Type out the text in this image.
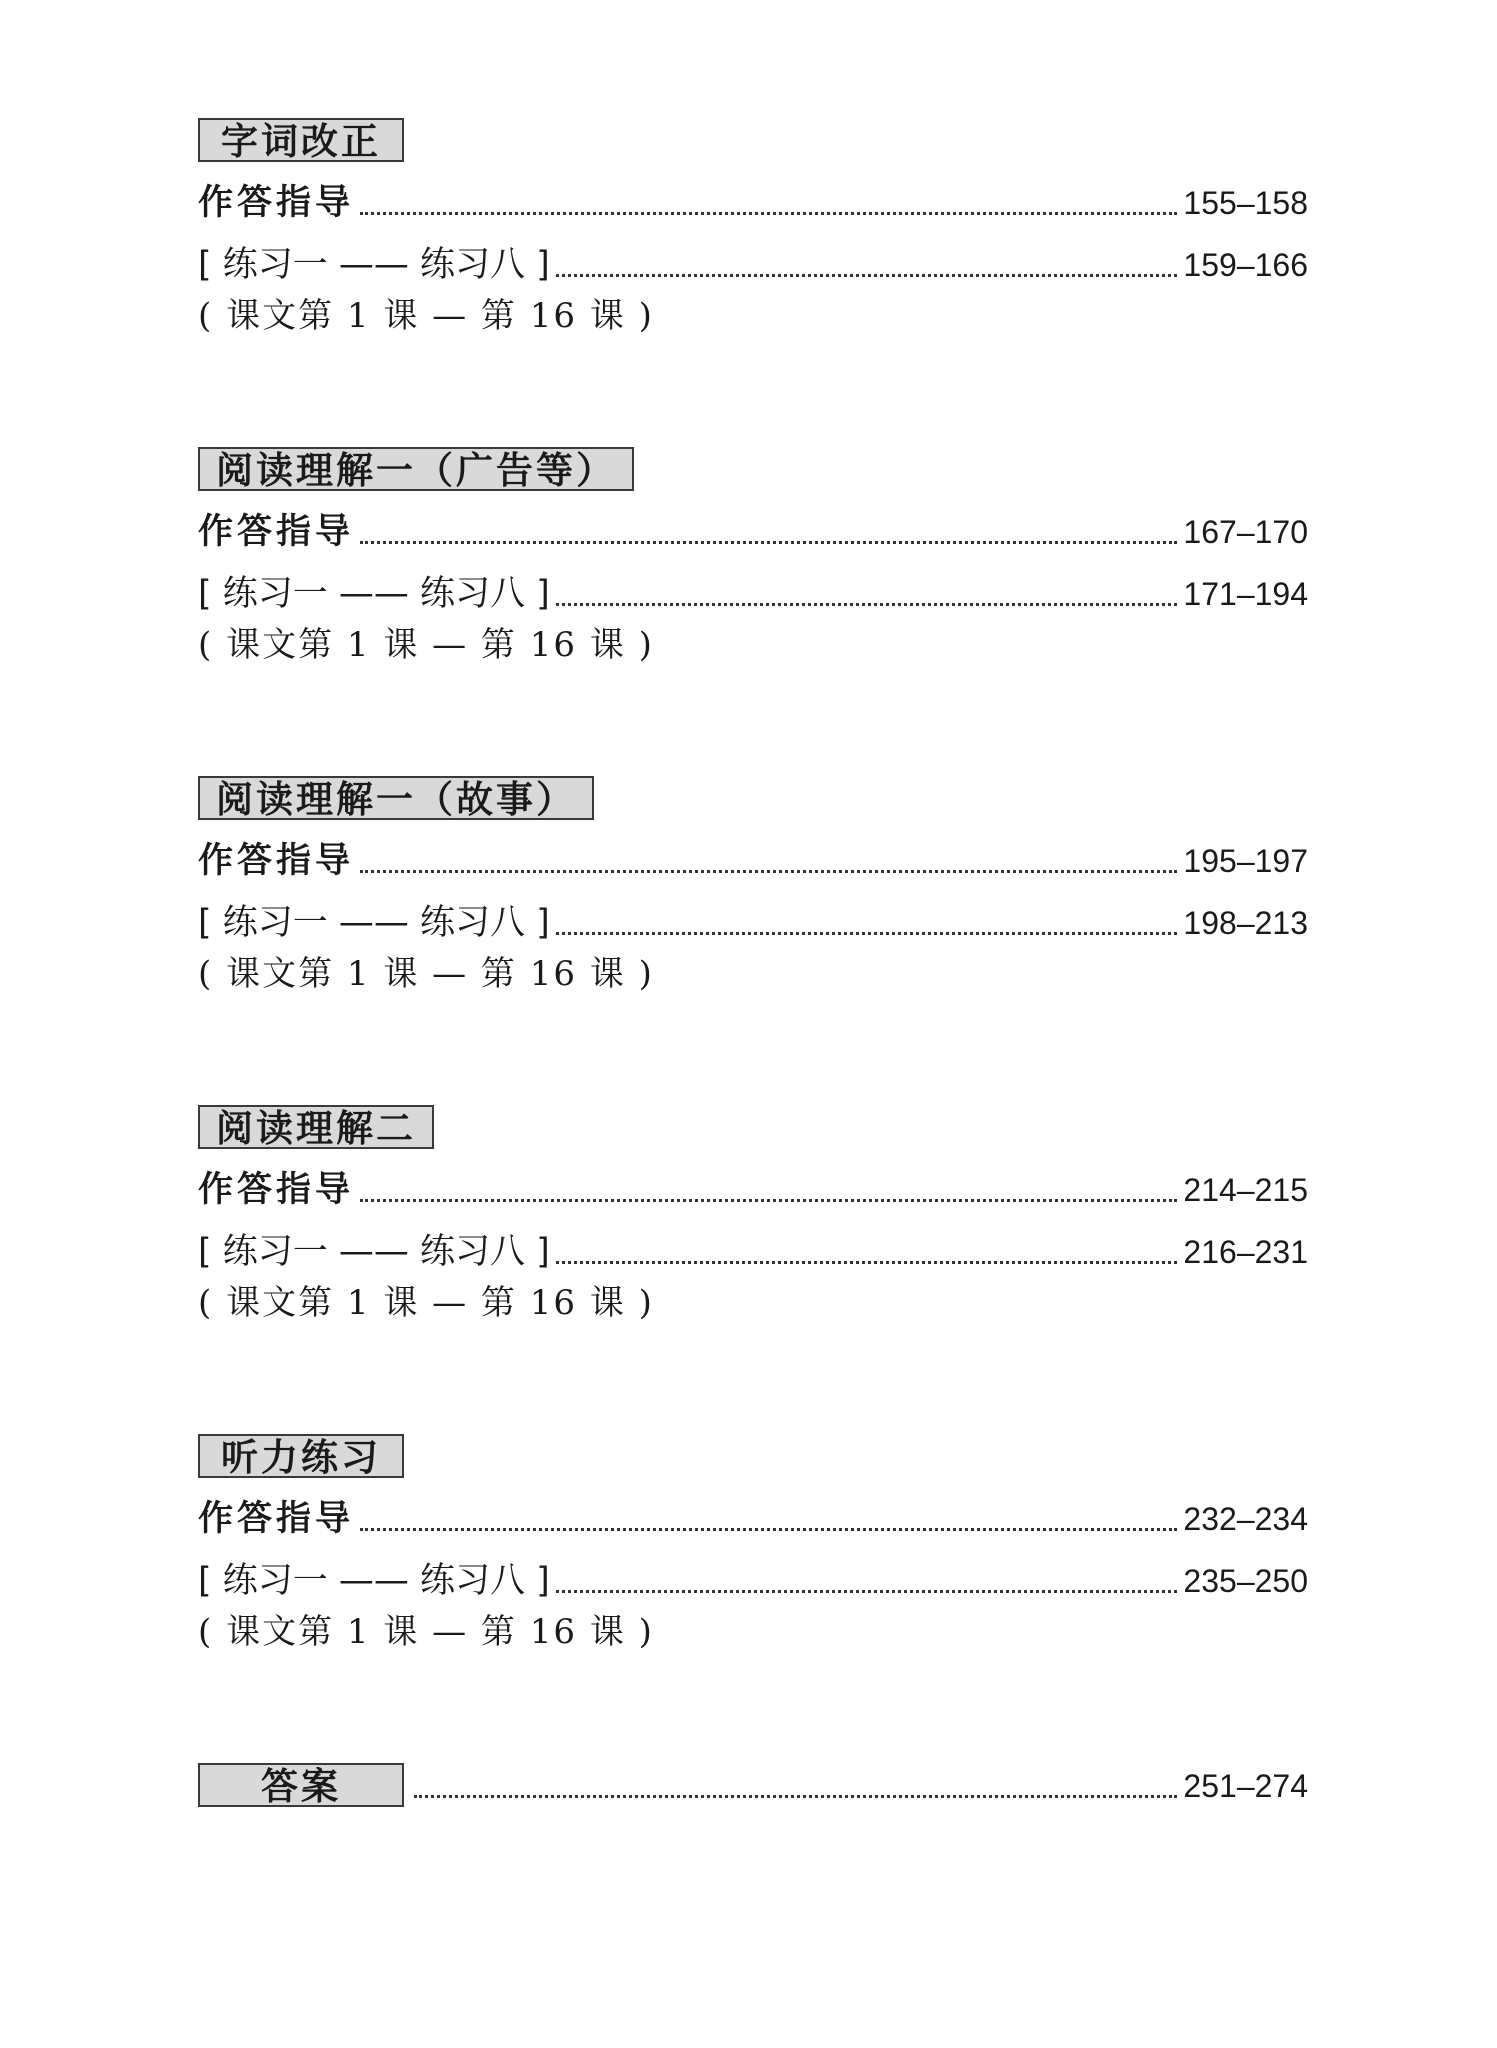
字词改正
作答指导	155–158
[ 练习一 —— 练习八 ]	159–166
( 课文第 1 课 — 第 16 课 )
阅读理解一（广告等）
作答指导	167–170
[ 练习一 —— 练习八 ]	171–194
( 课文第 1 课 — 第 16 课 )
阅读理解一（故事）
作答指导	195–197
[ 练习一 —— 练习八 ]	198–213
( 课文第 1 课 — 第 16 课 )
阅读理解二
作答指导	214–215
[ 练习一 —— 练习八 ]	216–231
( 课文第 1 课 — 第 16 课 )
听力练习
作答指导	232–234
[ 练习一 —— 练习八 ]	235–250
( 课文第 1 课 — 第 16 课 )
答案	251–274
